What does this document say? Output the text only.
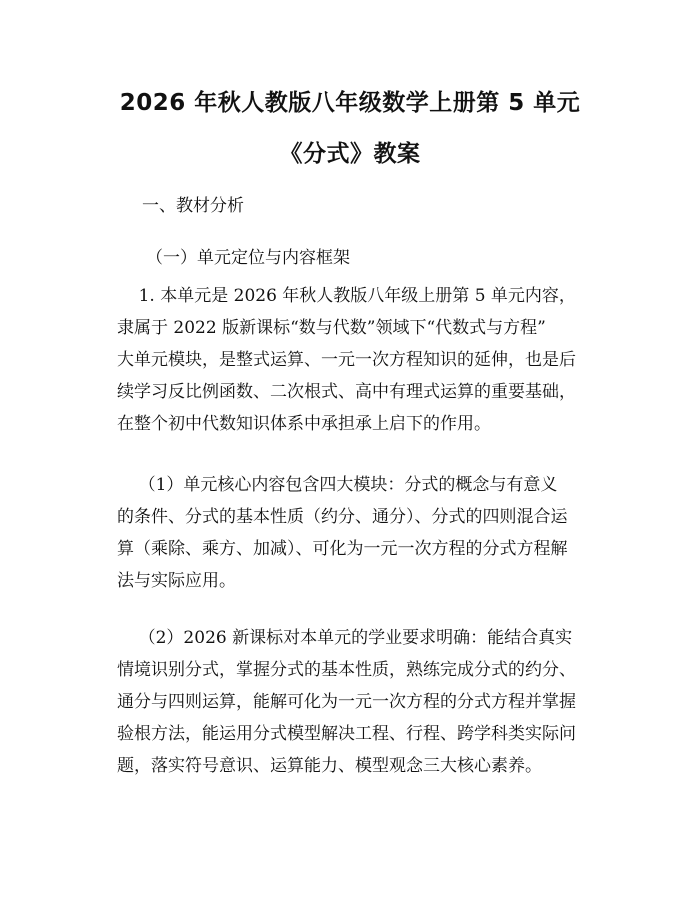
2026 年秋人教版八年级数学上册第 5 单元
《分式》教案
一、教材分析
（一）单元定位与内容框架
1. 本单元是 2026 年秋人教版八年级上册第 5 单元内容，
隶属于 2022 版新课标“数与代数”领域下“代数式与方程”
大单元模块，是整式运算、一元一次方程知识的延伸，也是后
续学习反比例函数、二次根式、高中有理式运算的重要基础，
在整个初中代数知识体系中承担承上启下的作用。
（1）单元核心内容包含四大模块：分式的概念与有意义
的条件、分式的基本性质（约分、通分）、分式的四则混合运
算（乘除、乘方、加减）、可化为一元一次方程的分式方程解
法与实际应用。
（2）2026 新课标对本单元的学业要求明确：能结合真实
情境识别分式，掌握分式的基本性质，熟练完成分式的约分、
通分与四则运算，能解可化为一元一次方程的分式方程并掌握
验根方法，能运用分式模型解决工程、行程、跨学科类实际问
题，落实符号意识、运算能力、模型观念三大核心素养。
